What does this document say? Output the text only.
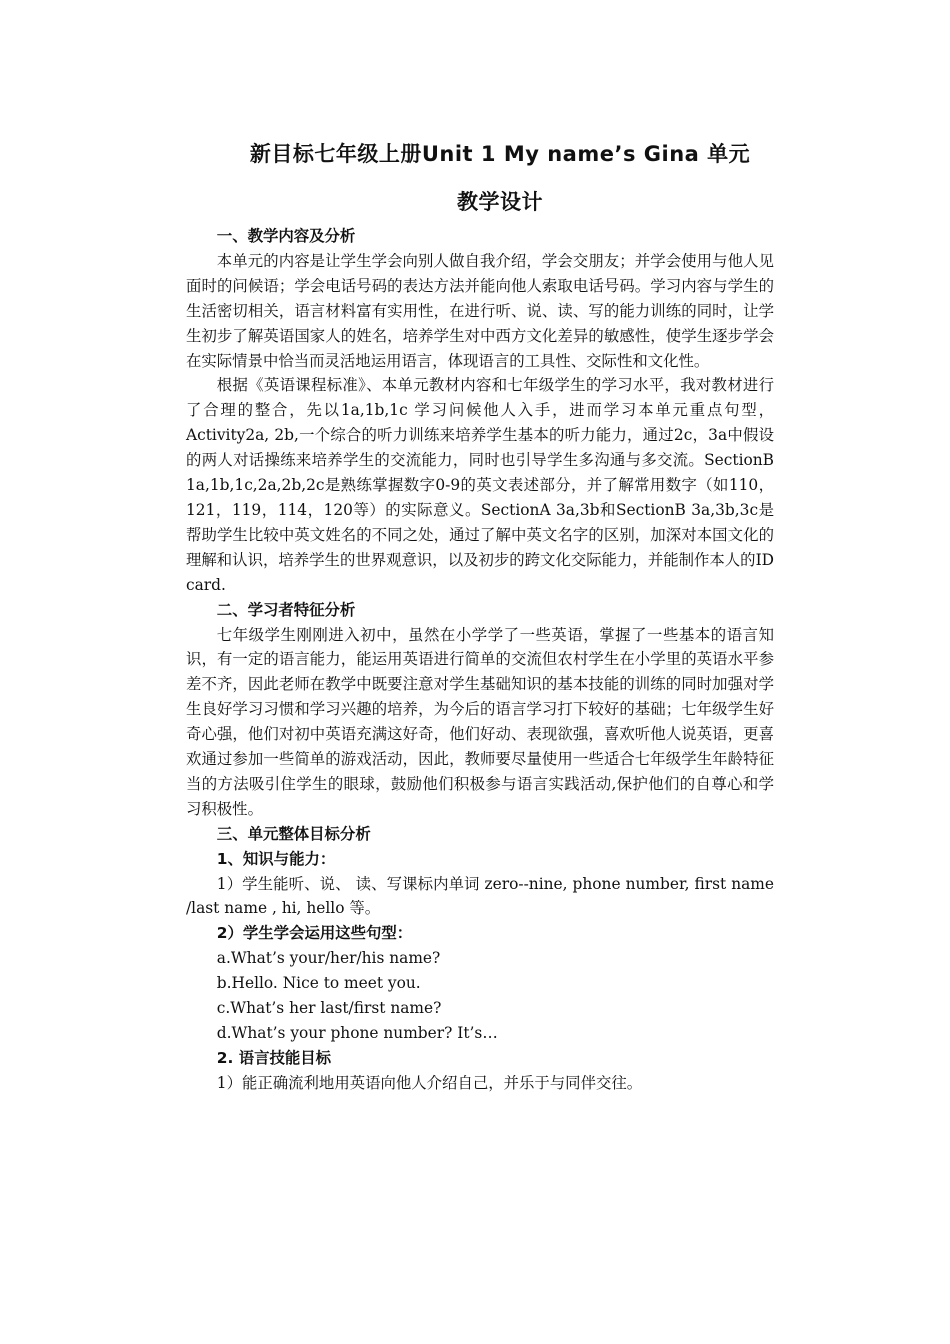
新目标七年级上册Unit 1 My name’s Gina 单元
教学设计

一、教学内容及分析

本单元的内容是让学生学会向别人做自我介绍，学会交朋友；并学会使用与他人见面时的问候语；学会电话号码的表达方法并能向他人索取电话号码。学习内容与学生的生活密切相关，语言材料富有实用性，在进行听、说、读、写的能力训练的同时，让学生初步了解英语国家人的姓名，培养学生对中西方文化差异的敏感性，使学生逐步学会在实际情景中恰当而灵活地运用语言，体现语言的工具性、交际性和文化性。

根据《英语课程标准》、本单元教材内容和七年级学生的学习水平，我对教材进行了合理的整合，先以1a,1b,1c 学习问候他人入手，进而学习本单元重点句型，Activity2a, 2b,一个综合的听力训练来培养学生基本的听力能力，通过2c，3a中假设的两人对话操练来培养学生的交流能力，同时也引导学生多沟通与多交流。SectionB 1a,1b,1c,2a,2b,2c是熟练掌握数字0-9的英文表述部分，并了解常用数字（如110，121，119，114，120等）的实际意义。SectionA 3a,3b和SectionB 3a,3b,3c是帮助学生比较中英文姓名的不同之处，通过了解中英文名字的区别，加深对本国文化的理解和认识，培养学生的世界观意识，以及初步的跨文化交际能力，并能制作本人的ID card.

二、学习者特征分析

七年级学生刚刚进入初中，虽然在小学学了一些英语，掌握了一些基本的语言知识，有一定的语言能力，能运用英语进行简单的交流但农村学生在小学里的英语水平参差不齐，因此老师在教学中既要注意对学生基础知识的基本技能的训练的同时加强对学生良好学习习惯和学习兴趣的培养，为今后的语言学习打下较好的基础；七年级学生好奇心强，他们对初中英语充满这好奇，他们好动、表现欲强，喜欢听他人说英语，更喜欢通过参加一些简单的游戏活动，因此，教师要尽量使用一些适合七年级学生年龄特征当的方法吸引住学生的眼球，鼓励他们积极参与语言实践活动,保护他们的自尊心和学习积极性。

三、单元整体目标分析

1、知识与能力：

1）学生能听、说、 读、写课标内单词 zero--nine, phone number, first name /last name , hi, hello 等。

2）学生学会运用这些句型：

a.What’s your/her/his name?

b.Hello. Nice to meet you.

c.What’s her last/first name?

d.What’s your phone number? It’s…

2. 语言技能目标

1）能正确流利地用英语向他人介绍自己，并乐于与同伴交往。
